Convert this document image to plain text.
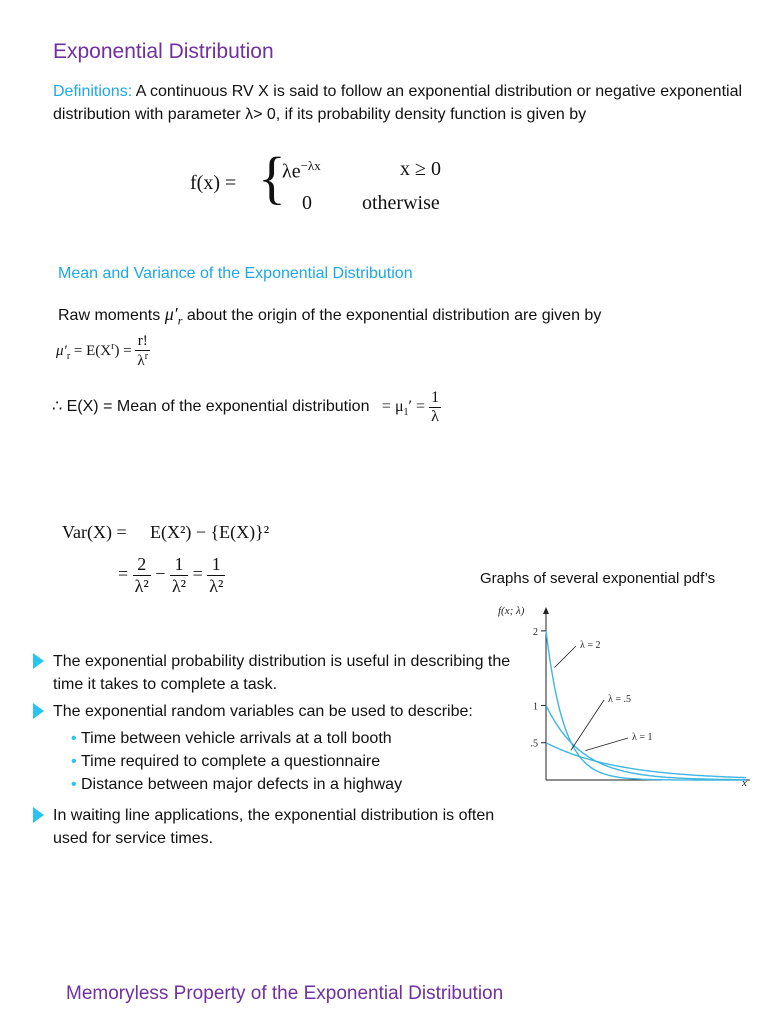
Exponential Distribution
Definitions: A continuous RV X is said to follow an exponential distribution or negative exponential distribution with parameter λ> 0, if its probability density function is given by
f(x) = {
$\lambda e^{-\lambda x}$	x ≥ 0
0	otherwise
Mean and Variance of the Exponential Distribution
Raw moments $\mu'_r$ about the origin of the exponential distribution are given by
$\mu'_r = E(X^r) = \frac{r!}{\lambda^r}$
∴ E(X) = Mean of the exponential distribution = $\mu_1' = \frac{1}{\lambda}$
Var(X) = E(X²) − {E(X)}²
= $\frac{2}{\text{λ²}} - \frac{1}{\text{λ²}} = \frac{1}{\text{λ²}}$	Graphs of several exponential pdf’s
f(x; λ)
x
2
1
.5
λ = 2
λ = .5
λ = 1
The exponential probability distribution is useful in describing the time it takes to complete a task.
The exponential random variables can be used to describe:
• Time between vehicle arrivals at a toll booth
• Time required to complete a questionnaire
• Distance between major defects in a highway
In waiting line applications, the exponential distribution is often used for service times.
Memoryless Property of the Exponential Distribution
